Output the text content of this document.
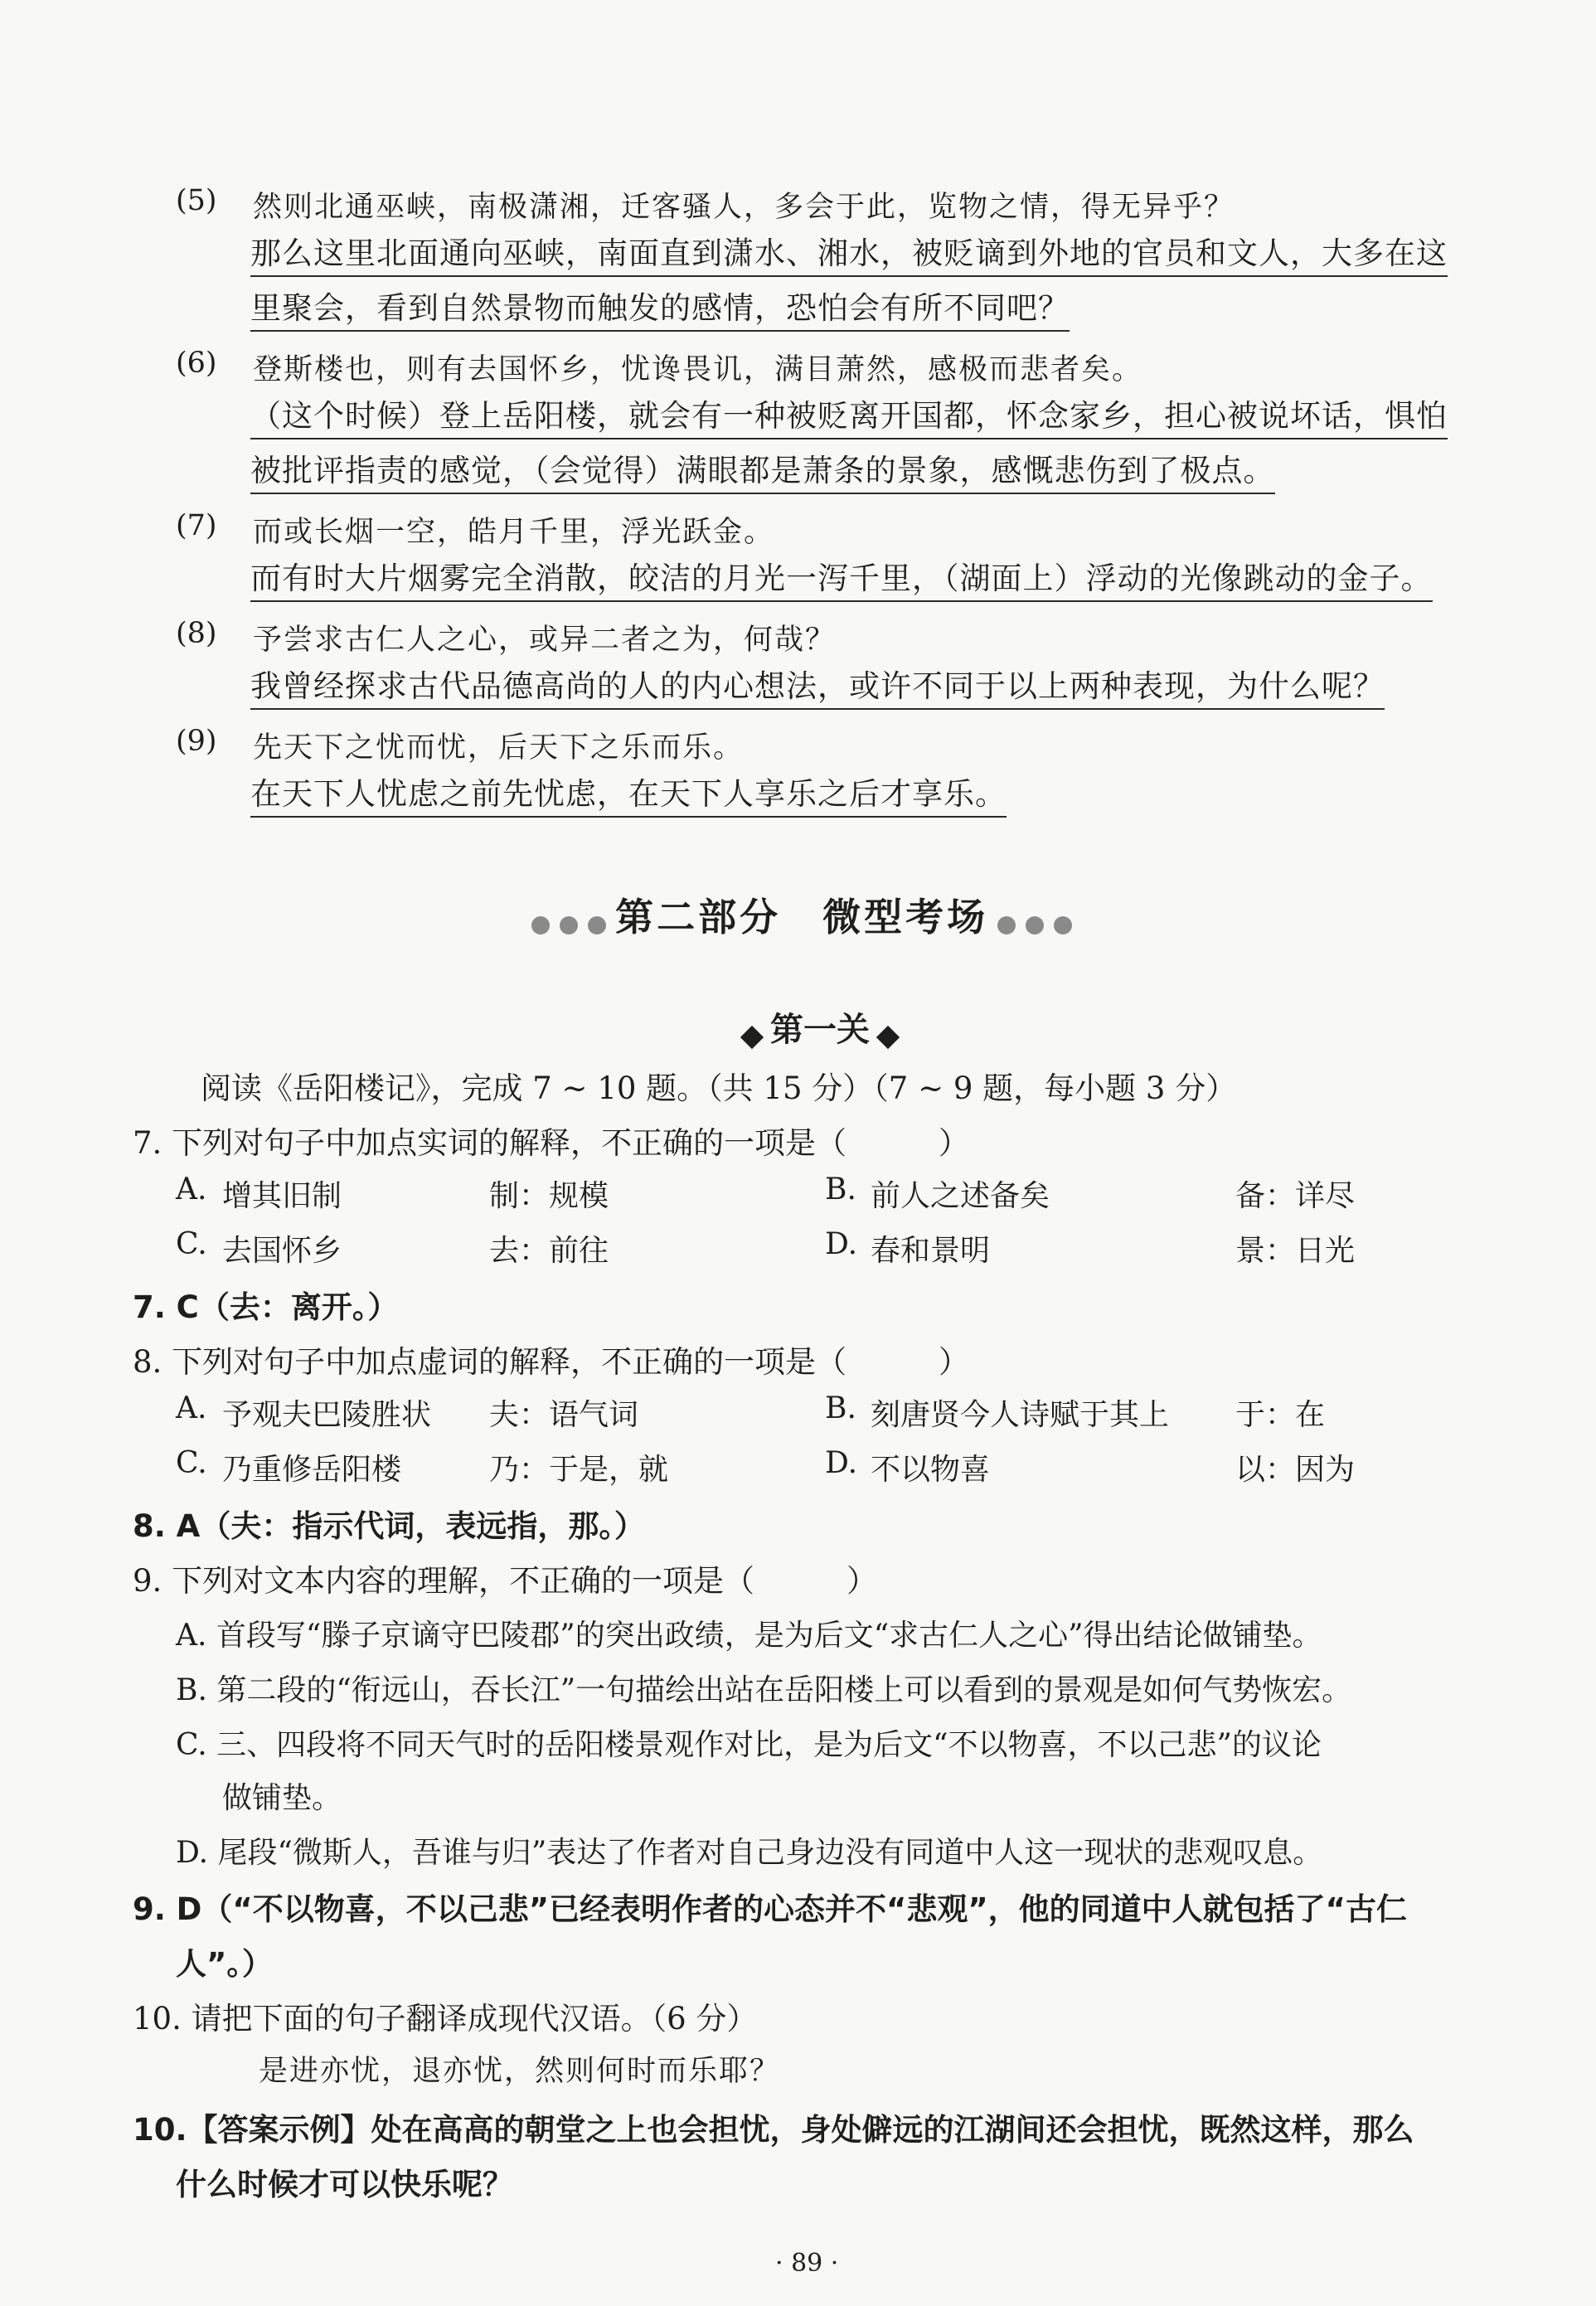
(5) 然则北通巫峡，南极潇湘，迁客骚人，多会于此，览物之情，得无异乎？
那么这里北面通向巫峡，南面直到潇水、湘水，被贬谪到外地的官员和文人，大多在这
里聚会，看到自然景物而触发的感情，恐怕会有所不同吧？
(6) 登斯楼也，则有去国怀乡，忧谗畏讥，满目萧然，感极而悲者矣。
（这个时候）登上岳阳楼，就会有一种被贬离开国都，怀念家乡，担心被说坏话，惧怕
被批评指责的感觉，（会觉得）满眼都是萧条的景象，感慨悲伤到了极点。
(7) 而或长烟一空，皓月千里，浮光跃金。
而有时大片烟雾完全消散，皎洁的月光一泻千里，（湖面上）浮动的光像跳动的金子。
(8) 予尝求古仁人之心，或异二者之为，何哉？
我曾经探求古代品德高尚的人的内心想法，或许不同于以上两种表现，为什么呢？
(9) 先天下之忧而忧，后天下之乐而乐。
在天下人忧虑之前先忧虑，在天下人享乐之后才享乐。
第二部分　微型考场
第一关
阅读《岳阳楼记》，完成 7 ~ 10 题。（共 15 分）（7 ~ 9 题，每小题 3 分）
7. 下列对句子中加点实词的解释，不正确的一项是（　　　）
A. 增其旧制	制：规模	B. 前人之述备矣	备：详尽
C. 去国怀乡	去：前往	D. 春和景明	景：日光
7. C（去：离开。）
8. 下列对句子中加点虚词的解释，不正确的一项是（　　　）
A. 予观夫巴陵胜状 夫：语气词	B. 刻唐贤今人诗赋于其上 于：在
C. 乃重修岳阳楼	乃：于是，就	D. 不以物喜	以：因为
8. A（夫：指示代词，表远指，那。）
9. 下列对文本内容的理解，不正确的一项是（　　　）
A. 首段写“滕子京谪守巴陵郡”的突出政绩，是为后文“求古仁人之心”得出结论做铺垫。
B. 第二段的“衔远山，吞长江”一句描绘出站在岳阳楼上可以看到的景观是如何气势恢宏。
C. 三、四段将不同天气时的岳阳楼景观作对比，是为后文“不以物喜，不以己悲”的议论
做铺垫。
D. 尾段“微斯人，吾谁与归”表达了作者对自己身边没有同道中人这一现状的悲观叹息。
9. D（“不以物喜，不以己悲”已经表明作者的心态并不“悲观”，他的同道中人就包括了“古仁
人”。）
10. 请把下面的句子翻译成现代汉语。（6 分）
是进亦忧，退亦忧，然则何时而乐耶？
10.【答案示例】处在高高的朝堂之上也会担忧，身处僻远的江湖间还会担忧，既然这样，那么
什么时候才可以快乐呢？
· 89 ·
